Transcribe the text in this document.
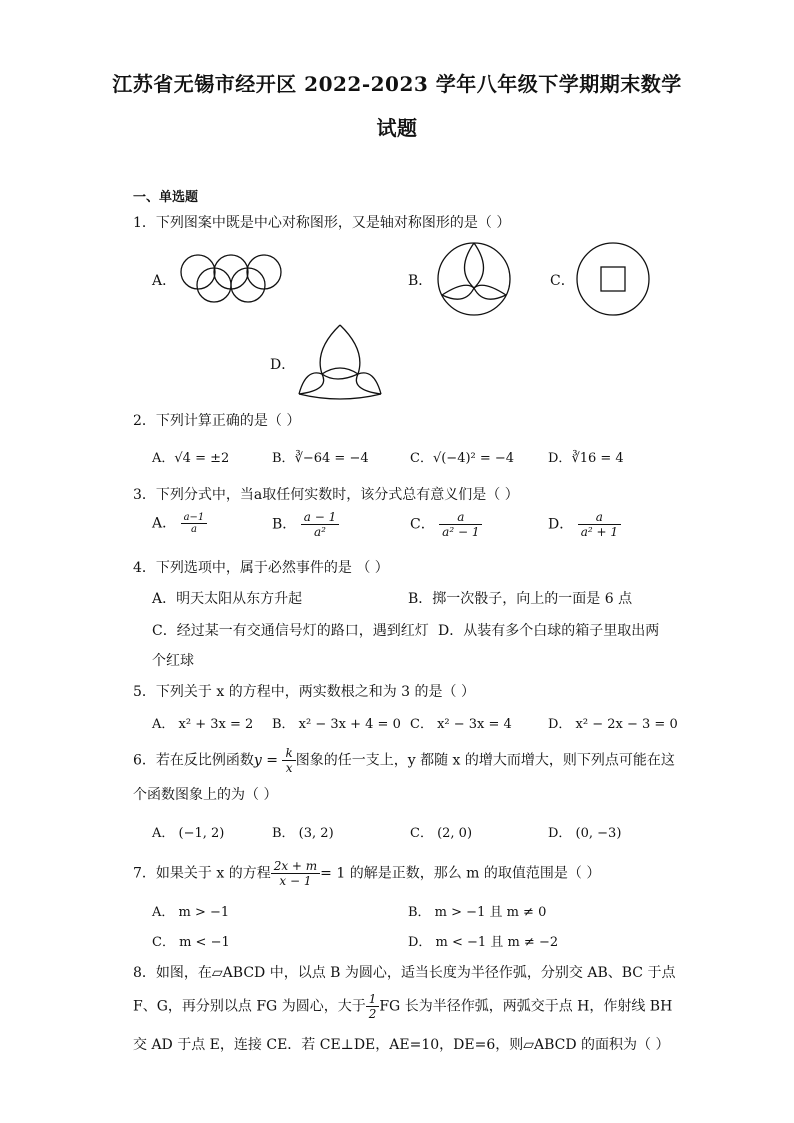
江苏省无锡市经开区 2022-2023 学年八年级下学期期末数学
试题
一、单选题
1．下列图案中既是中心对称图形，又是轴对称图形的是（ ）
A．	B．	C．
D．
2．下列计算正确的是（ ）
A．√4 = ±2	B．∛−64 = −4	C．√(−4)² = −4	D．∛16 = 4
3．下列分式中，当a取任何实数时，该分式总有意义们是（ ）
A． $\frac{a-1}{a}$	B． $\frac{a - 1}{\text{a²}}$	C． $\frac{a}{\text{a² − 1}}$	D． $\frac{a}{\text{a² + 1}}$
4．下列选项中，属于必然事件的是 （ ）
A．明天太阳从东方升起	B．掷一次骰子，向上的一面是 6 点
C．经过某一有交通信号灯的路口，遇到红灯 D．从装有多个白球的箱子里取出两
个红球
5．下列关于 x 的方程中，两实数根之和为 3 的是（ ）
A． x² + 3x = 2 B． x² − 3x + 4 = 0 C． x² − 3x = 4	D． x² − 2x − 3 = 0
6．若在反比例函数$y = \frac{k}{x}$ 图象的任一支上，y 都随 x 的增大而增大，则下列点可能在这
个函数图象上的为（ ）
A． (−1, 2)	B． (3, 2)	C． (2, 0)	D． (0, −3)
7．如果关于 x 的方程 $\frac{2x + m}{x - 1} = 1$ 的解是正数，那么 m 的取值范围是（ ）
A． m > −1	B． m > −1 且 m ≠ 0
C． m < −1	D． m < −1 且 m ≠ −2
8．如图，在▱ABCD 中，以点 B 为圆心，适当长度为半径作弧，分别交 AB、BC 于点
F、G，再分别以点 FG 为圆心，大于 $\frac{1}{2}$ FG 长为半径作弧，两弧交于点 H，作射线 BH
交 AD 于点 E，连接 CE．若 CE⊥DE，AE=10，DE=6，则▱ABCD 的面积为（ ）
